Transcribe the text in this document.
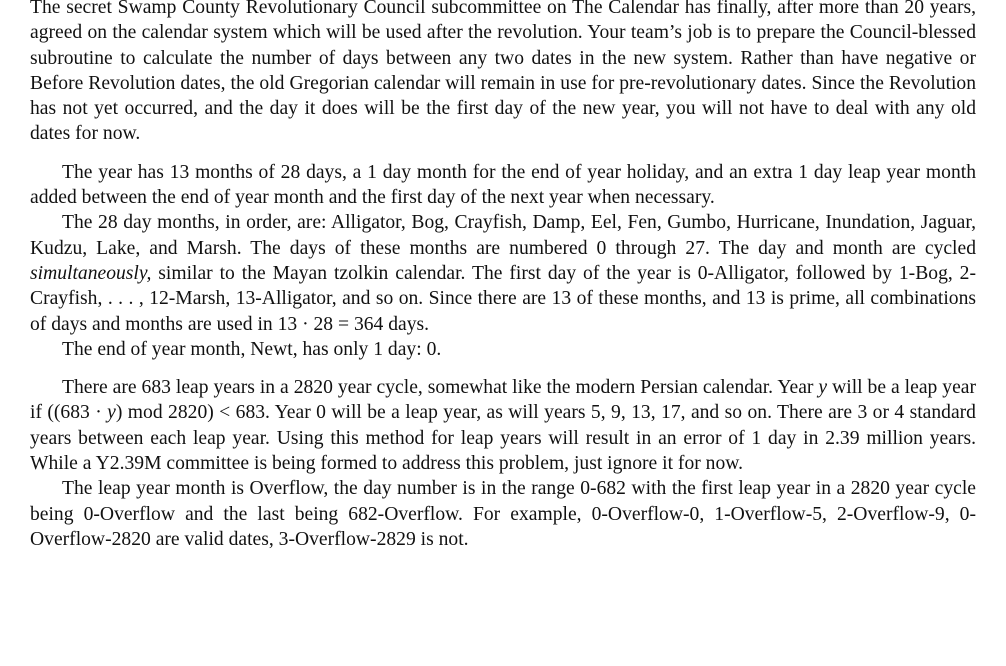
The secret Swamp County Revolutionary Council subcommittee on The Calendar has finally, after more than 20 years, agreed on the calendar system which will be used after the revolution. Your team’s job is to prepare the Council-blessed subroutine to calculate the number of days between any two dates in the new system. Rather than have negative or Before Revolution dates, the old Gregorian calendar will remain in use for pre-revolutionary dates. Since the Revolution has not yet occurred, and the day it does will be the first day of the new year, you will not have to deal with any old dates for now.

The year has 13 months of 28 days, a 1 day month for the end of year holiday, and an extra 1 day leap year month added between the end of year month and the first day of the next year when necessary.

The 28 day months, in order, are: Alligator, Bog, Crayfish, Damp, Eel, Fen, Gumbo, Hurricane, Inundation, Jaguar, Kudzu, Lake, and Marsh. The days of these months are numbered 0 through 27. The day and month are cycled simultaneously, similar to the Mayan tzolkin calendar. The first day of the year is 0-Alligator, followed by 1-Bog, 2-Crayfish, . . . , 12-Marsh, 13-Alligator, and so on. Since there are 13 of these months, and 13 is prime, all combinations of days and months are used in 13 · 28 = 364 days.

The end of year month, Newt, has only 1 day: 0.

There are 683 leap years in a 2820 year cycle, somewhat like the modern Persian calendar. Year y will be a leap year if ((683 · y) mod 2820) < 683. Year 0 will be a leap year, as will years 5, 9, 13, 17, and so on. There are 3 or 4 standard years between each leap year. Using this method for leap years will result in an error of 1 day in 2.39 million years. While a Y2.39M committee is being formed to address this problem, just ignore it for now.

The leap year month is Overflow, the day number is in the range 0-682 with the first leap year in a 2820 year cycle being 0-Overflow and the last being 682-Overflow. For example, 0-Overflow-0, 1-Overflow-5, 2-Overflow-9, 0-Overflow-2820 are valid dates, 3-Overflow-2829 is not.
